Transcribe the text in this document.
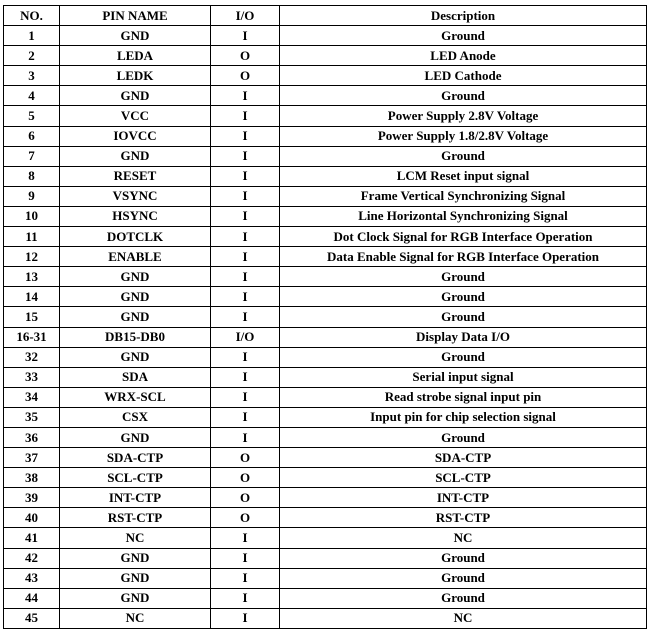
NO.	PIN NAME	I/O	Description
1	GND	I	Ground
2	LEDA	O	LED Anode
3	LEDK	O	LED Cathode
4	GND	I	Ground
5	VCC	I	Power Supply 2.8V Voltage
6	IOVCC	I	Power Supply 1.8/2.8V Voltage
7	GND	I	Ground
8	RESET	I	LCM Reset input signal
9	VSYNC	I	Frame Vertical Synchronizing Signal
10	HSYNC	I	Line Horizontal Synchronizing Signal
11	DOTCLK	I	Dot Clock Signal for RGB Interface Operation
12	ENABLE	I	Data Enable Signal for RGB Interface Operation
13	GND	I	Ground
14	GND	I	Ground
15	GND	I	Ground
16-31	DB15-DB0	I/O	Display Data I/O
32	GND	I	Ground
33	SDA	I	Serial input signal
34	WRX-SCL	I	Read strobe signal input pin
35	CSX	I	Input pin for chip selection signal
36	GND	I	Ground
37	SDA-CTP	O	SDA-CTP
38	SCL-CTP	O	SCL-CTP
39	INT-CTP	O	INT-CTP
40	RST-CTP	O	RST-CTP
41	NC	I	NC
42	GND	I	Ground
43	GND	I	Ground
44	GND	I	Ground
45	NC	I	NC
